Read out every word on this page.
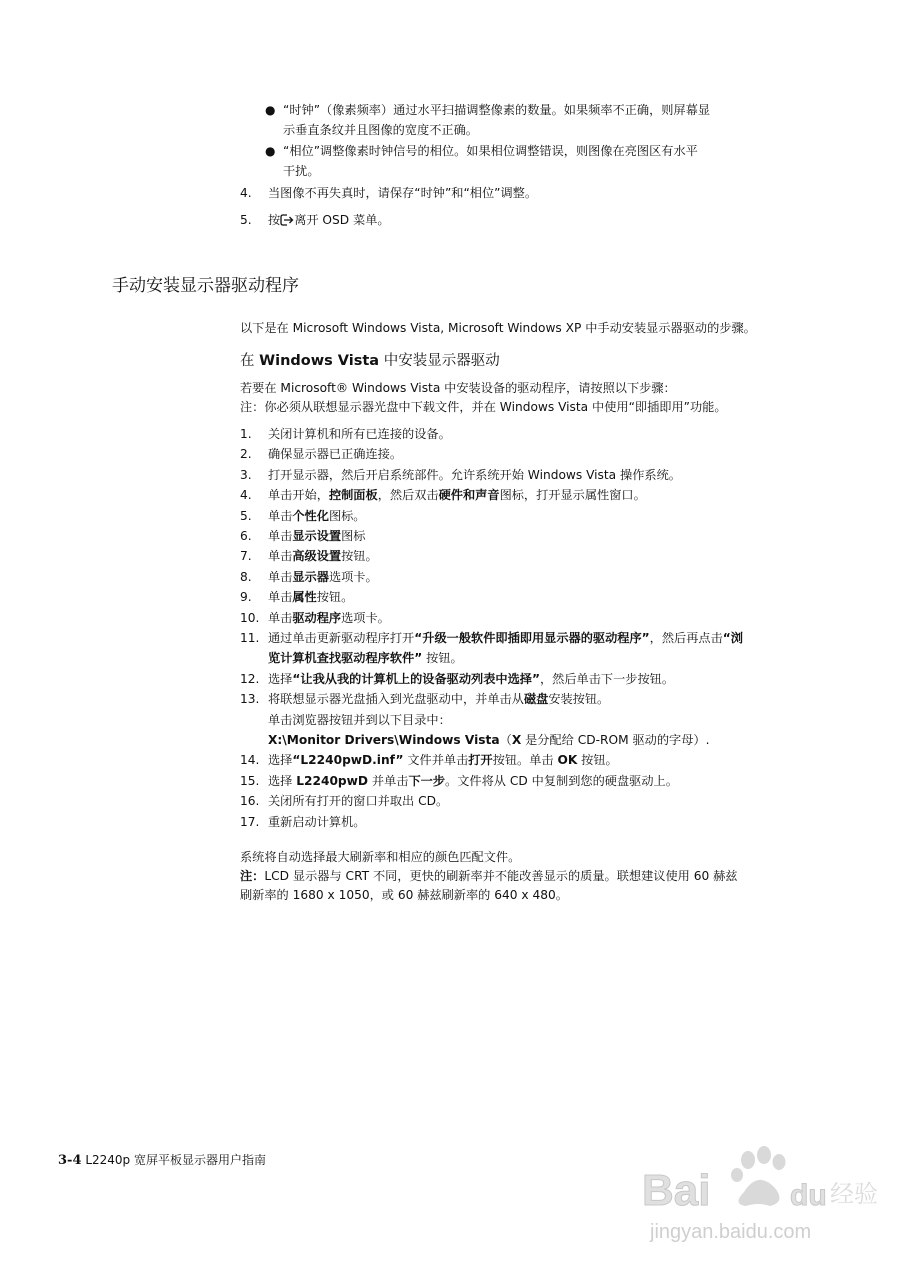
● “时钟”（像素频率）通过水平扫描调整像素的数量。如果频率不正确，则屏幕显
示垂直条纹并且图像的宽度不正确。
● “相位”调整像素时钟信号的相位。如果相位调整错误，则图像在亮图区有水平
干扰。
4. 当图像不再失真时，请保存“时钟”和“相位”调整。
5. 按 离开 OSD 菜单。
手动安装显示器驱动程序
以下是在 Microsoft Windows Vista, Microsoft Windows XP 中手动安装显示器驱动的步骤。
在 Windows Vista 中安装显示器驱动
若要在 Microsoft® Windows Vista 中安装设备的驱动程序，请按照以下步骤：
注：你必须从联想显示器光盘中下载文件，并在 Windows Vista 中使用“即插即用”功能。
1. 关闭计算机和所有已连接的设备。
2. 确保显示器已正确连接。
3. 打开显示器，然后开启系统部件。允许系统开始 Windows Vista 操作系统。
4. 单击开始，控制面板，然后双击硬件和声音图标，打开显示属性窗口。
5. 单击个性化图标。
6. 单击显示设置图标
7. 单击高级设置按钮。
8. 单击显示器选项卡。
9. 单击属性按钮。
10. 单击驱动程序选项卡。
11. 通过单击更新驱动程序打开“升级一般软件即插即用显示器的驱动程序”，然后再点击“浏
览计算机查找驱动程序软件” 按钮。
12. 选择“让我从我的计算机上的设备驱动列表中选择”，然后单击下一步按钮。
13. 将联想显示器光盘插入到光盘驱动中，并单击从磁盘安装按钮。
单击浏览器按钮并到以下目录中：
X:\Monitor Drivers\Windows Vista（X 是分配给 CD-ROM 驱动的字母）.
14. 选择“L2240pwD.inf” 文件并单击打开按钮。单击 OK 按钮。
15. 选择 L2240pwD 并单击下一步。文件将从 CD 中复制到您的硬盘驱动上。
16. 关闭所有打开的窗口并取出 CD。
17. 重新启动计算机。
系统将自动选择最大刷新率和相应的颜色匹配文件。
注：LCD 显示器与 CRT 不同，更快的刷新率并不能改善显示的质量。联想建议使用 60 赫兹
刷新率的 1680 x 1050，或 60 赫兹刷新率的 640 x 480。
3-4 L2240p 宽屏平板显示器用户指南
Bai	du 经验
jingyan.baidu.com
